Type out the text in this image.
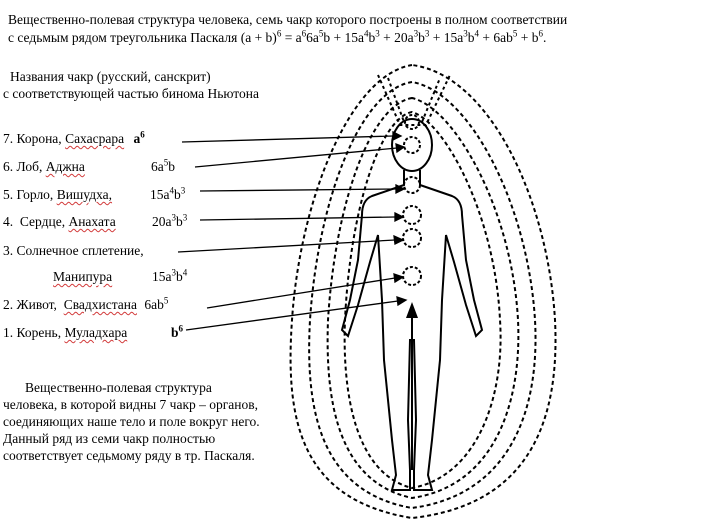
Вещественно-полевая структура человека, семь чакр которого построены в полном соответствии
с седьмым рядом треугольника Паскаля $(a + b)^6 = a^66a^5b + 15a^4b^3 + 20a^3b^3 + 15a^3b^4 + 6ab^5 + b^6$.
Названия чакр (русский, санскрит)
с соответствующей частью бинома Ньютона
7. Корона, Сахасрара $a^6$
6. Лоб, Аджна	$6a^5b$
5. Горло, Вишудха,	$15a^4b^3$
4. Сердце, Анахата	$20a^3b^3$
3. Солнечное сплетение,
Манипура	$15a^3b^4$
2. Живот, Свадхистана $6ab^5$
1. Корень, Муладхара	$b^6$
Вещественно-полевая структура человека, в которой видны 7 чакр – органов, соединяющих наше тело и поле вокруг него. Данный ряд из семи чакр полностью соответствует седьмому ряду в тр. Паскаля.
